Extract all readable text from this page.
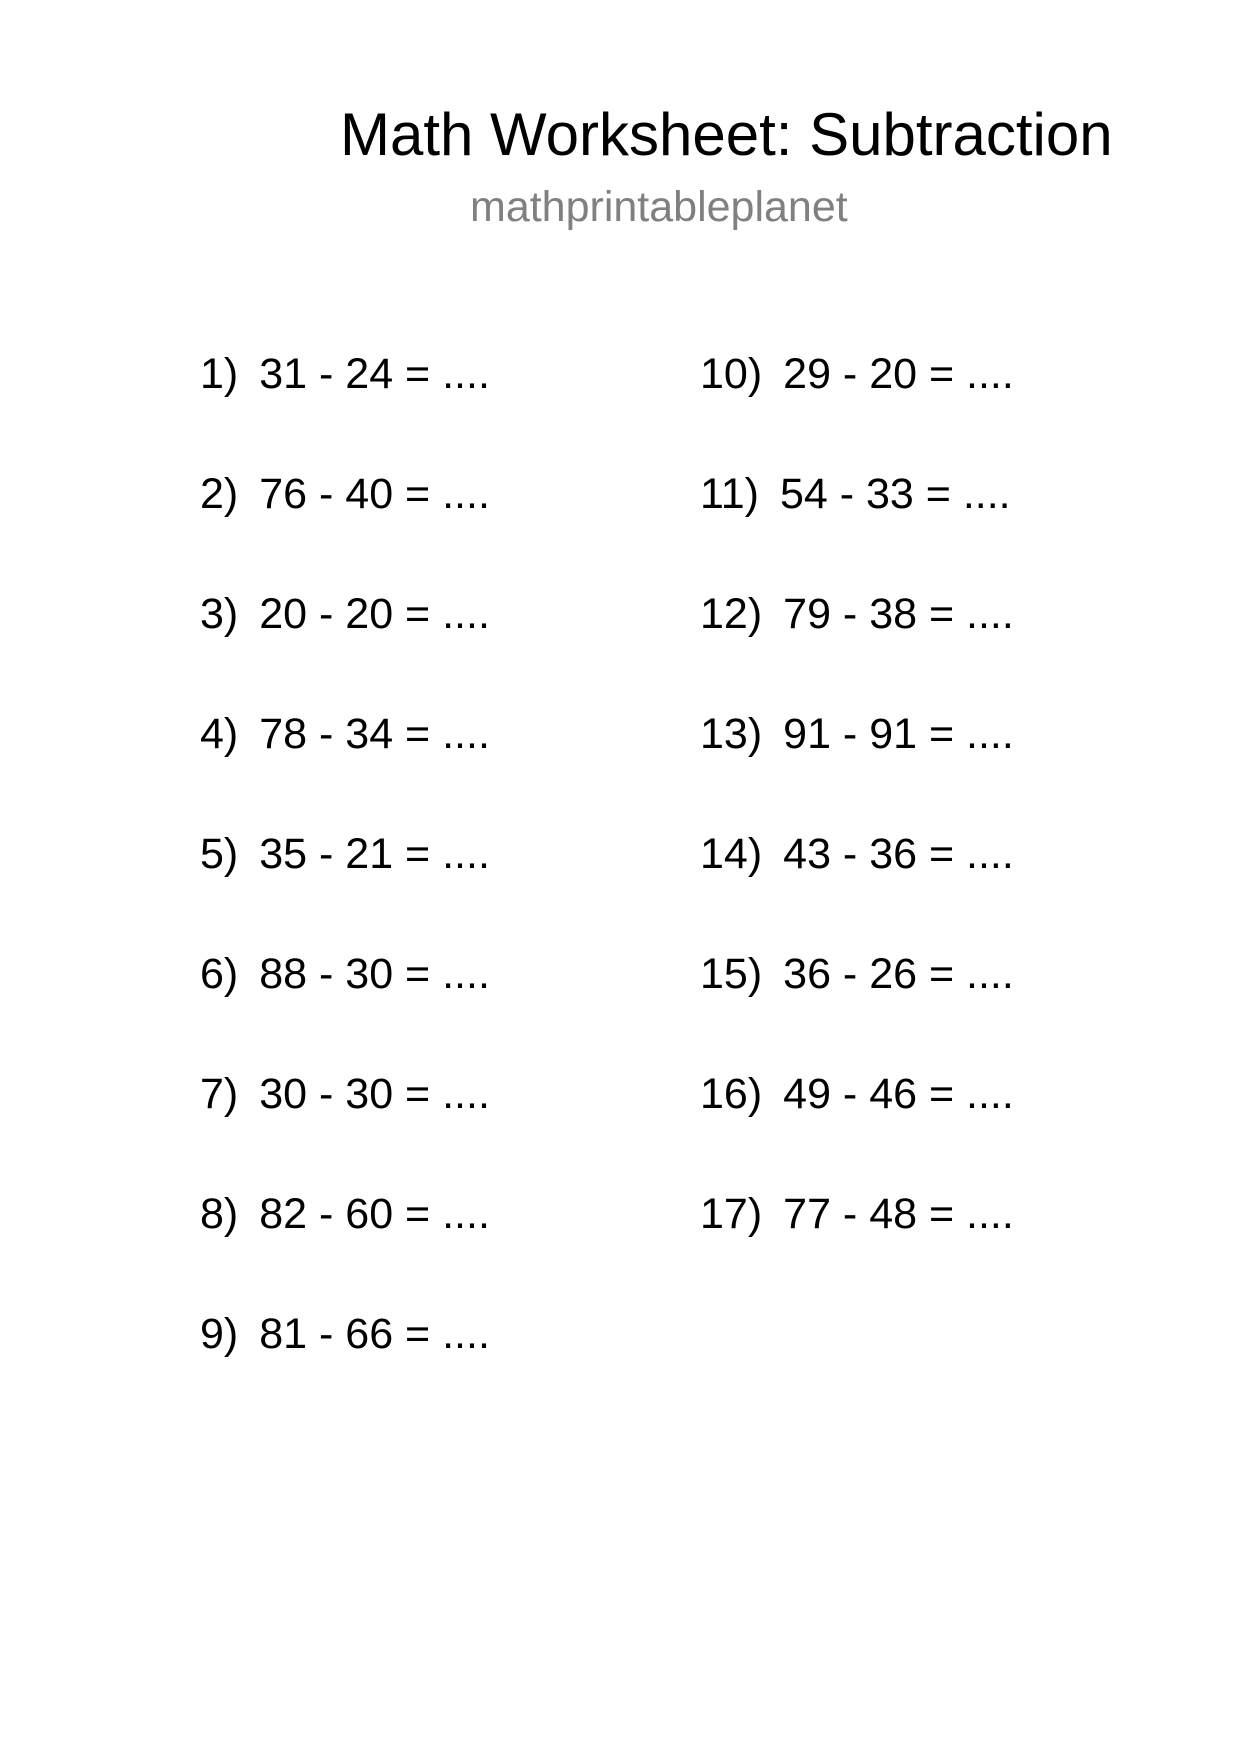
Math Worksheet: Subtraction
mathprintableplanet
1) 31 - 24 = ....
2) 76 - 40 = ....
3) 20 - 20 = ....
4) 78 - 34 = ....
5) 35 - 21 = ....
6) 88 - 30 = ....
7) 30 - 30 = ....
8) 82 - 60 = ....
9) 81 - 66 = ....
10) 29 - 20 = ....
11) 54 - 33 = ....
12) 79 - 38 = ....
13) 91 - 91 = ....
14) 43 - 36 = ....
15) 36 - 26 = ....
16) 49 - 46 = ....
17) 77 - 48 = ....
